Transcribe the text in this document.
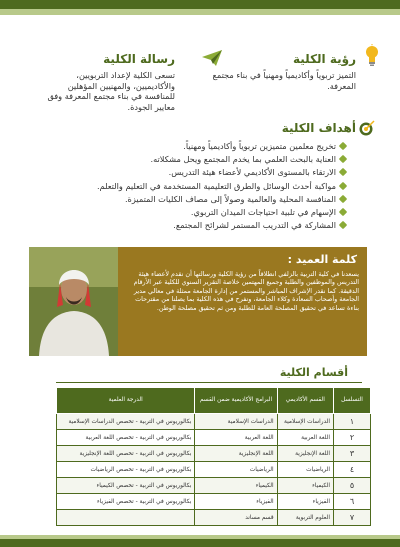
رؤية الكلية
التميز تربوياً وأكاديمياً ومهنياً في بناء مجتمع المعرفة.
رسالة الكلية
تسعى الكلية لإعداد التربويين، والأكاديميين، والمهنيين المؤهلين للمنافسة في بناء مجتمع المعرفة وفق معايير الجودة.
أهداف الكلية
تخريج معلمين متميزين تربوياً وأكاديمياً ومهنياً.
العناية بالبحث العلمي بما يخدم المجتمع ويحل مشكلاته.
الارتقاء بالمستوى الأكاديمي لأعضاء هيئة التدريس.
مواكبة أحدث الوسائل والطرق التعليمية المستخدمة في التعليم والتعلم.
المنافسة المحلية والعالمية وصولاً إلى مصاف الكليات المتميزة.
الإسهام في تلبية احتياجات الميدان التربوي.
المشاركة في التدريب المستمر لشرائح المجتمع.
كلمة العميد :
يسعدنا في كلية التربية بالزلفي انطلاقاً من رؤية الكلية ورسالتها أن نقدم لأعضاء هيئة التدريس والموظفين والطلبة وجميع المهتمين خلاصة التقرير السنوي للكلية عبر الأرقام الدقيقة. كما نقدر الإشراف المباشر والمستمر من إدارة الجامعة ممثلة في معالي مدير الجامعة وأصحاب السعادة وكلاء الجامعة، ونفرح في هذه الكلية بما يصلنا من مقترحات بناءة تساعد في تحقيق المصلحة العامة للطلبة ومن ثم تحقيق مصلحة الوطن.
أقسام الكلية
التسلسل	القسم الأكاديمي	البرامج الأكاديمية ضمن القسم	الدرجة العلمية
١	الدراسات الإسلامية	الدراسات الإسلامية	بكالوريوس في التربية - تخصص الدراسات الإسلامية
٢	اللغة العربية	اللغة العربية	بكالوريوس في التربية - تخصص اللغة العربية
٣	اللغة الإنجليزية	اللغة الإنجليزية	بكالوريوس في التربية - تخصص اللغة الإنجليزية
٤	الرياضيات	الرياضيات	بكالوريوس في التربية - تخصص الرياضيات
٥	الكيمياء	الكيمياء	بكالوريوس في التربية - تخصص الكيمياء
٦	الفيزياء	الفيزياء	بكالوريوس في التربية - تخصص الفيزياء
٧	العلوم التربوية	قسم مساند	
